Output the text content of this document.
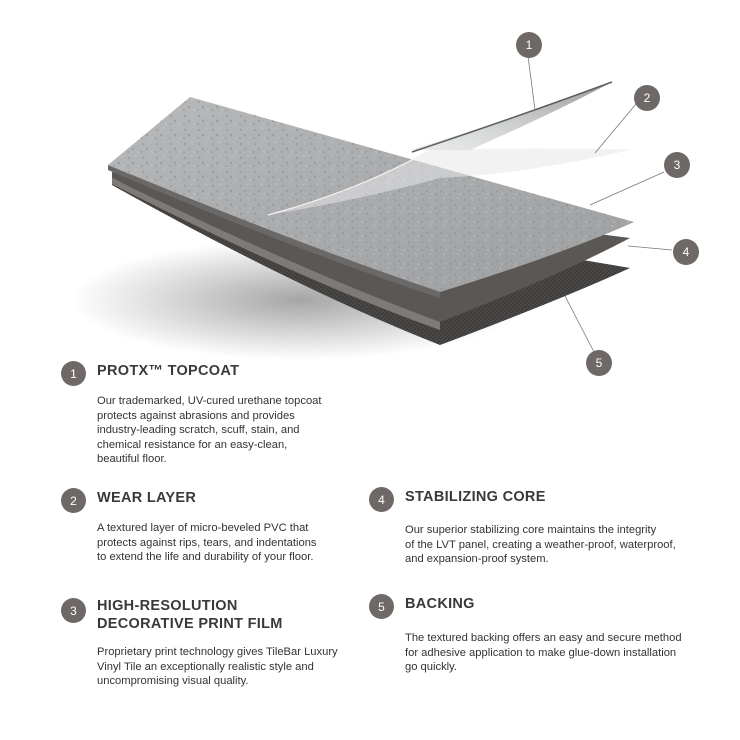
1
2
3
4
5
1	PROTX™ TOPCOAT
Our trademarked, UV-cured urethane topcoat
protects against abrasions and provides
industry-leading scratch, scuff, stain, and
chemical resistance for an easy-clean,
beautiful floor.
2	WEAR LAYER
A textured layer of micro-beveled PVC that
protects against rips, tears, and indentations
to extend the life and durability of your floor.
3	HIGH-RESOLUTION
DECORATIVE PRINT FILM
Proprietary print technology gives TileBar Luxury
Vinyl Tile an exceptionally realistic style and
uncompromising visual quality.
4	STABILIZING CORE
Our superior stabilizing core maintains the integrity
of the LVT panel, creating a weather-proof, waterproof,
and expansion-proof system.
5	BACKING
The textured backing offers an easy and secure method
for adhesive application to make glue-down installation
go quickly.
